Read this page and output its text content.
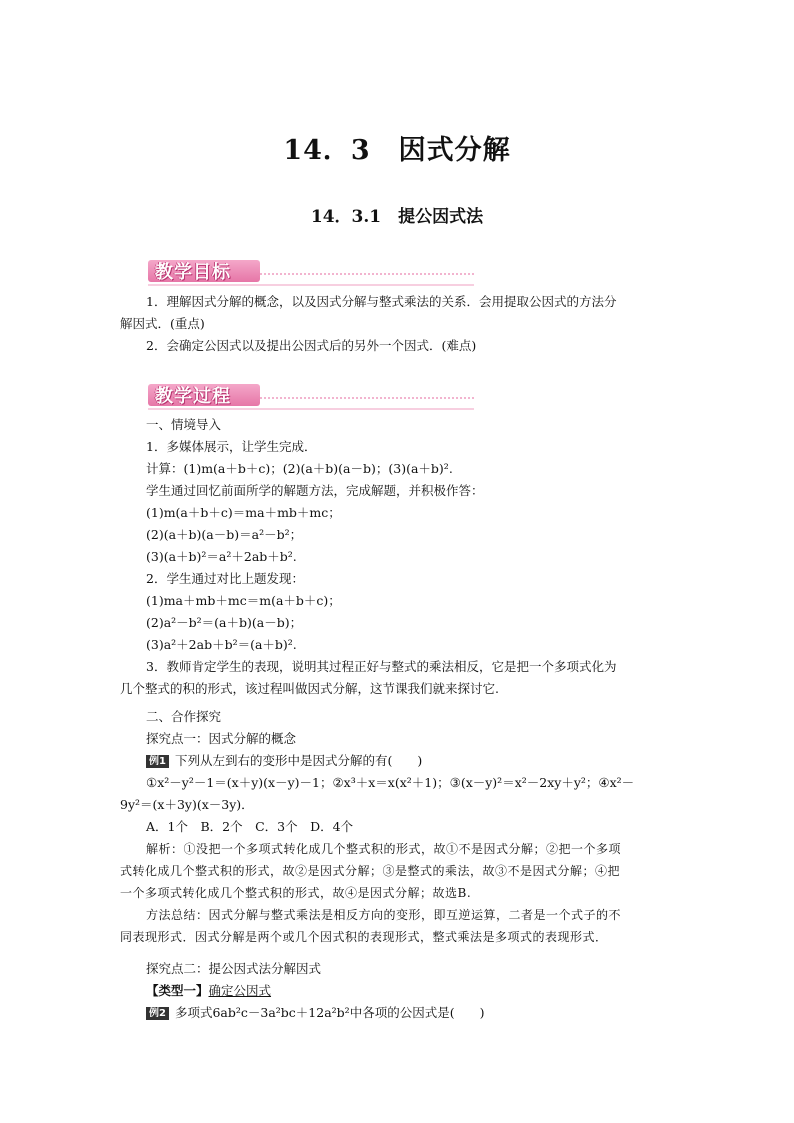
14．3　因式分解
14．3.1　提公因式法
教学目标

1．理解因式分解的概念，以及因式分解与整式乘法的关系．会用提取公因式的方法分

解因式．(重点)

2．会确定公因式以及提出公因式后的另外一个因式．(难点)

教学过程

一、情境导入

1．多媒体展示，让学生完成．

计算：(1)m(a＋b＋c)；(2)(a＋b)(a－b)；(3)(a＋b)².

学生通过回忆前面所学的解题方法，完成解题，并积极作答：

(1)m(a＋b＋c)＝ma＋mb＋mc；

(2)(a＋b)(a－b)＝a²－b²；

(3)(a＋b)²＝a²＋2ab＋b².

2．学生通过对比上题发现：

(1)ma＋mb＋mc＝m(a＋b＋c)；

(2)a²－b²＝(a＋b)(a－b)；

(3)a²＋2ab＋b²＝(a＋b)².

3．教师肯定学生的表现，说明其过程正好与整式的乘法相反，它是把一个多项式化为

几个整式的积的形式，该过程叫做因式分解，这节课我们就来探讨它.

二、合作探究

探究点一：因式分解的概念

例1 下列从左到右的变形中是因式分解的有(　　)

①x²－y²－1＝(x＋y)(x－y)－1；②x³＋x＝x(x²＋1)；③(x－y)²＝x²－2xy＋y²；④x²－

9y²＝(x＋3y)(x－3y)．

A．1个　B．2个　C．3个　D．4个

解析：①没把一个多项式转化成几个整式积的形式，故①不是因式分解；②把一个多项

式转化成几个整式积的形式，故②是因式分解；③是整式的乘法，故③不是因式分解；④把

一个多项式转化成几个整式积的形式，故④是因式分解；故选B.

方法总结：因式分解与整式乘法是相反方向的变形，即互逆运算，二者是一个式子的不

同表现形式．因式分解是两个或几个因式积的表现形式，整式乘法是多项式的表现形式．

探究点二：提公因式法分解因式

【类型一】确定公因式

例2 多项式6ab²c－3a²bc＋12a²b²中各项的公因式是(　　)
